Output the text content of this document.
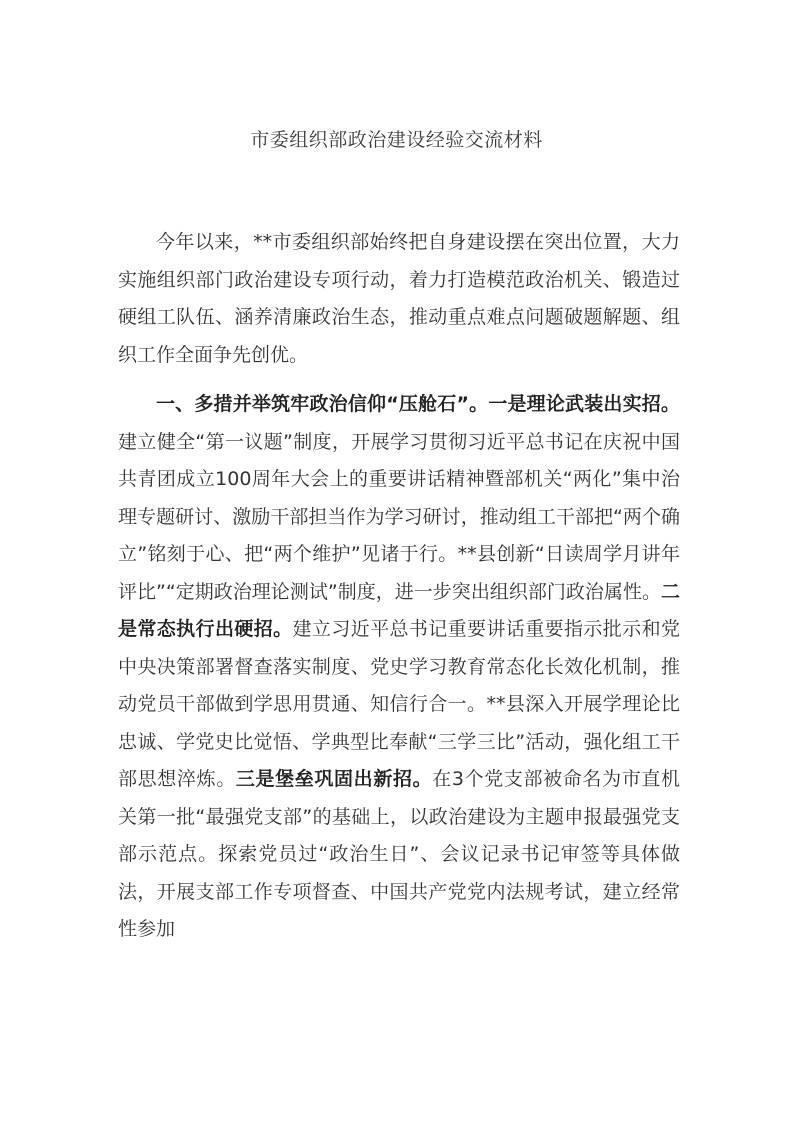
市委组织部政治建设经验交流材料

今年以来，**市委组织部始终把自身建设摆在突出位置，大力实施组织部门政治建设专项行动，着力打造模范政治机关、锻造过硬组工队伍、涵养清廉政治生态，推动重点难点问题破题解题、组织工作全面争先创优。

一、多措并举筑牢政治信仰“压舱石”。一是理论武装出实招。建立健全“第一议题”制度，开展学习贯彻习近平总书记在庆祝中国共青团成立100周年大会上的重要讲话精神暨部机关“两化”集中治理专题研讨、激励干部担当作为学习研讨，推动组工干部把“两个确立”铭刻于心、把“两个维护”见诸于行。**县创新“日读周学月讲年评比”“定期政治理论测试”制度，进一步突出组织部门政治属性。二是常态执行出硬招。建立习近平总书记重要讲话重要指示批示和党中央决策部署督查落实制度、党史学习教育常态化长效化机制，推动党员干部做到学思用贯通、知信行合一。**县深入开展学理论比忠诚、学党史比觉悟、学典型比奉献“三学三比”活动，强化组工干部思想淬炼。三是堡垒巩固出新招。在3个党支部被命名为市直机关第一批“最强党支部”的基础上，以政治建设为主题申报最强党支部示范点。探索党员过“政治生日”、会议记录书记审签等具体做法，开展支部工作专项督查、中国共产党党内法规考试，建立经常性参加
